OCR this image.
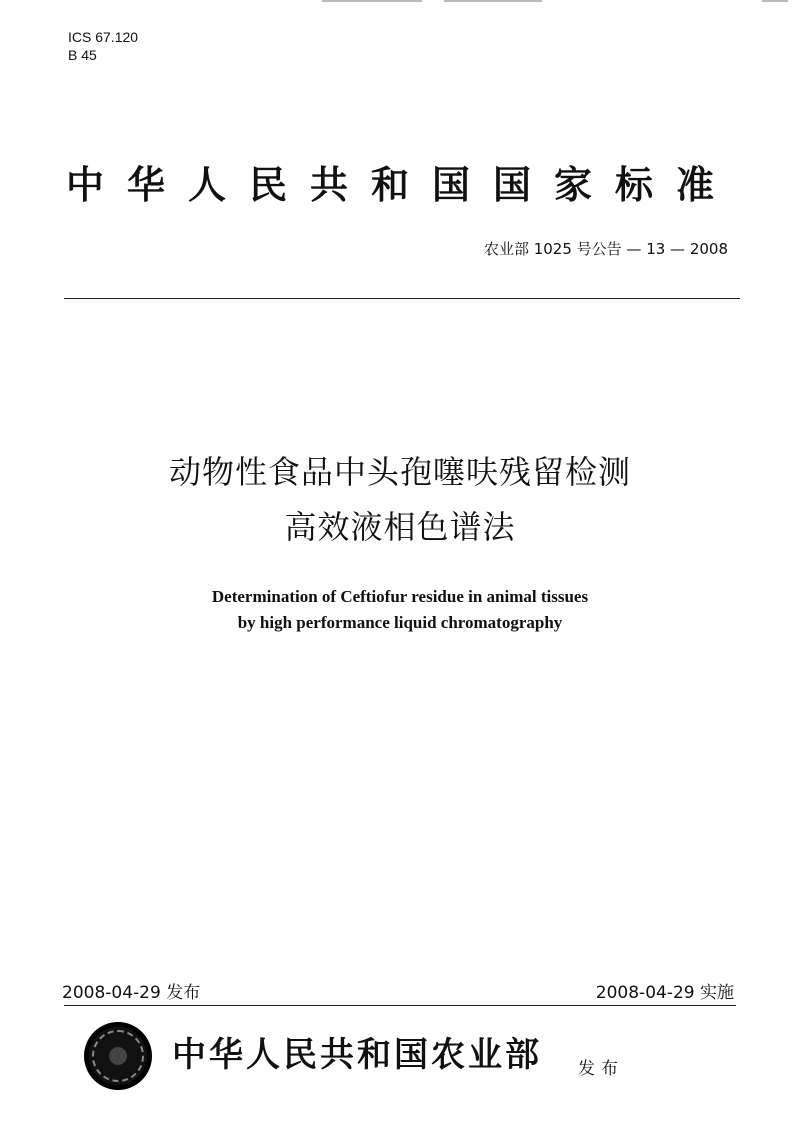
ICS 67.120
B 45
中华人民共和国国家标准
农业部 1025 号公告 — 13 — 2008
动物性食品中头孢噻呋残留检测
高效液相色谱法
Determination of Ceftiofur residue in animal tissues
by high performance liquid chromatography
2008-04-29 发布	2008-04-29 实施
中华人民共和国农业部 发布
